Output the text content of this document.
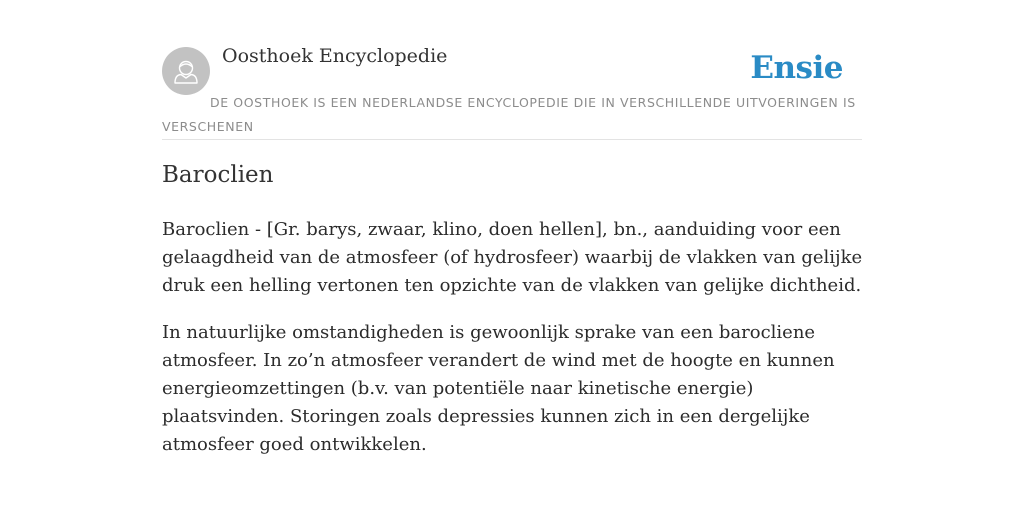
Oosthoek Encyclopedie	Ensie
DE OOSTHOEK IS EEN NEDERLANDSE ENCYCLOPEDIE DIE IN VERSCHILLENDE UITVOERINGEN IS VERSCHENEN
Baroclien

Baroclien - [Gr. barys, zwaar, klino, doen hellen], bn., aanduiding voor een gelaagdheid van de atmosfeer (of hydrosfeer) waarbij de vlakken van gelijke druk een helling vertonen ten opzichte van de vlakken van gelijke dichtheid.

In natuurlijke omstandigheden is gewoonlijk sprake van een barocliene atmosfeer. In zo’n atmosfeer verandert de wind met de hoogte en kunnen energieomzettingen (b.v. van potentiële naar kinetische energie) plaatsvinden. Storingen zoals depressies kunnen zich in een dergelijke atmosfeer goed ontwikkelen.
